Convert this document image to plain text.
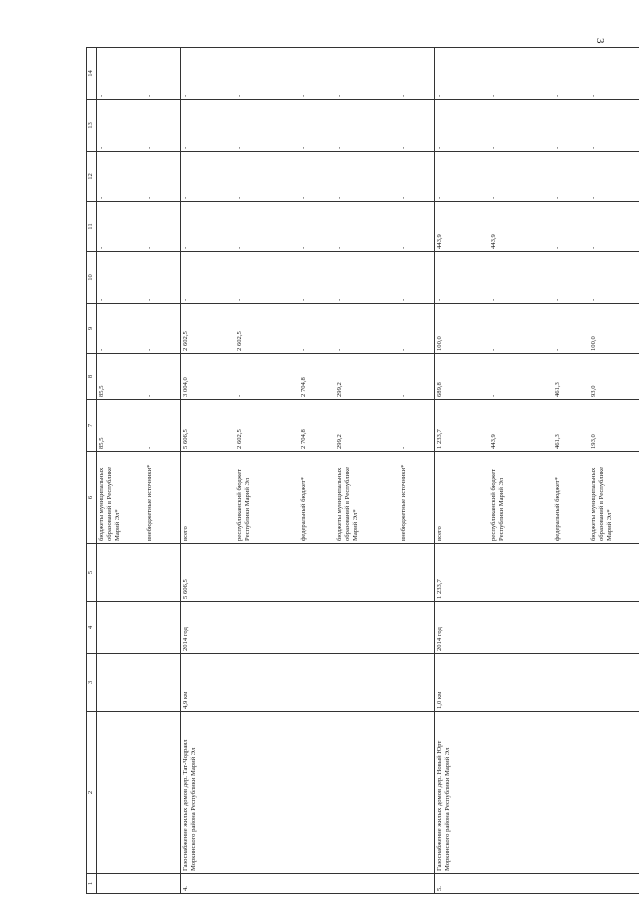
3
1	2	3	4	5	6	7	8	9	10	11	12	13	14
					бюджеты муниципальных образований в Республике Марий Эл*	85,5	85,5	-	-	-	-	-	-
					внебюджетные источники*	-	-	-	-	-	-	-	-
4.	Газоснабжение жилых домов дер. Тат-Чодраял Моркинского района Республики Марий Эл	4,9 км	2014 год	5 606,5	всего	5 606,5	3 004,0	2 602,5	-	-	-	-	-
					республиканский бюджет Республики Марий Эл	2 602,5	-	2 602,5	-	-	-	-	-
					федеральный бюджет*	2 704,8	2 704,8	-	-	-	-	-	-
					бюджеты муниципальных образований в Республике Марий Эл*	299,2	299,2	-	-	-	-	-	-
					внебюджетные источники*	-	-	-	-	-	-	-	-
5.	Газоснабжение жилых домов дер. Новый Юрт Моркинского района Республики Марий Эл	1,0 км	2014 год	1 233,7	всего	1 233,7	689,8	100,0	-	443,9	-	-	-
					республиканский бюджет Республики Марий Эл	443,9	-	-	-	443,9	-	-	-
					федеральный бюджет*	461,3	461,3	-	-	-	-	-	-
					бюджеты муниципальных образований в Республике Марий Эл*	193,0	93,0	100,0	-	-	-	-	-
